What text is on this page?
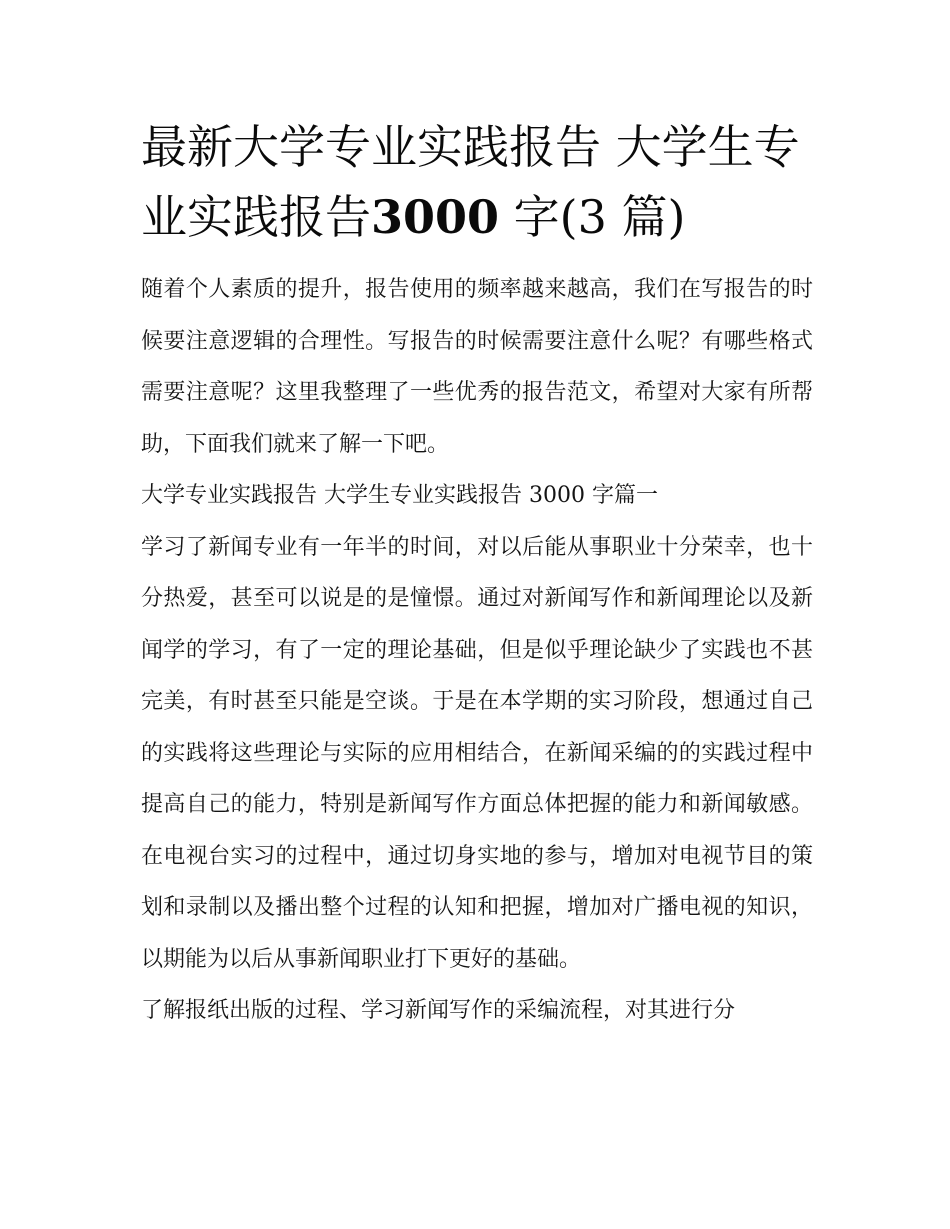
最新大学专业实践报告 大学生专业实践报告3000 字(3 篇)

随着个人素质的提升，报告使用的频率越来越高，我们在写报告的时候要注意逻辑的合理性。写报告的时候需要注意什么呢？有哪些格式需要注意呢？这里我整理了一些优秀的报告范文，希望对大家有所帮助，下面我们就来了解一下吧。

大学专业实践报告 大学生专业实践报告 3000 字篇一

学习了新闻专业有一年半的时间，对以后能从事职业十分荣幸，也十分热爱，甚至可以说是的是憧憬。通过对新闻写作和新闻理论以及新闻学的学习，有了一定的理论基础，但是似乎理论缺少了实践也不甚完美，有时甚至只能是空谈。于是在本学期的实习阶段，想通过自己的实践将这些理论与实际的应用相结合，在新闻采编的的实践过程中提高自己的能力，特别是新闻写作方面总体把握的能力和新闻敏感。在电视台实习的过程中，通过切身实地的参与，增加对电视节目的策划和录制以及播出整个过程的认知和把握，增加对广播电视的知识，以期能为以后从事新闻职业打下更好的基础。

了解报纸出版的过程、学习新闻写作的采编流程，对其进行分
